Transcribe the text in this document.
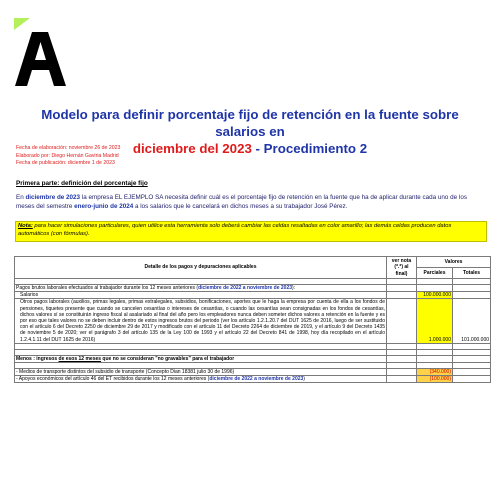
Modelo para definir porcentaje fijo de retención en la fuente sobre salarios en
diciembre del 2023 - Procedimiento 2
Fecha de elaboración: noviembre 26 de 2023
Elaborado por: Diego Hernán Gaviria Madrid
Fecha de publicación: diciembre 1 de 2023
Primera parte: definición del porcentaje fijo
En diciembre de 2023 la empresa EL EJEMPLO SA necesita definir cuál es el porcentaje fijo de retención en la fuente que ha de aplicar durante cada uno de los meses del semestre enero-junio de 2024 a los salarios que le cancelará en dichos meses a su trabajador José Pérez.
Nota: para hacer simulaciones particulares, quien utilice esta herramienta solo deberá cambiar las celdas resaltadas en color amarillo; las demás celdas producen datos automáticos (con fórmulas).
Detalle de los pagos y depuraciones aplicables	ver nota (*.*) al final)	Valores	
		Parciales	Totales

Pagos brutos laborales efectuados al trabajador durante los 12 meses anteriores (diciembre de 2022 a noviembre de 2023):			
Salarios		100.000.000	
Otros pagos laborales (auxilios, primas legales, primas extralegales, subsidios, bonificaciones, aportes que le haga la empresa por cuenta de ella a los fondos de pensiones, tiquetes presente que cuando se cancelen cesantías o intereses de cesantías, o cuando las cesantías sean consignadas en los fondos de cesantías, dichos valores sí se constituirán ingreso fiscal al asalariado al final del año pero los empleadores nunca deben someter dichos valores a retención en la fuente y es por eso que tales valores no se deben incluir dentro de estos ingresos brutos del periodo (ver los artículo 1.2.1.20.7 del DUT 1625 de 2016, luego de ser sustituido con el artículo 6 del Decreto 2250 de diciembre 29 de 2017 y modificado con el artículo 11 del Decreto 2264 de diciembre de 2019, y el artículo 9 del Decreto 1435 de noviembre 5 de 2020; ver el parágrafo 3 del artículo 135 de la Ley 100 de 1993 y el artículo 22 del Decreto 841 de 1998, hoy día recopilado en el artículo 1.2.4.1.11 del DUT 1625 de 2016)		1.000.000	101.000.000

Menos : ingresos de esos 12 meses que no se consideran "no gravables" para el trabajador			

- Medios de transporte distintos del subsidio de transporte (Concepto Dian 18381 julio 30 de 1996)		(340.000)	
- Apoyos económicos del artículo 46 del ET recibidos durante los 12 meses anteriores (diciembre de 2022 a noviembre de 2023)		(100.000)	
